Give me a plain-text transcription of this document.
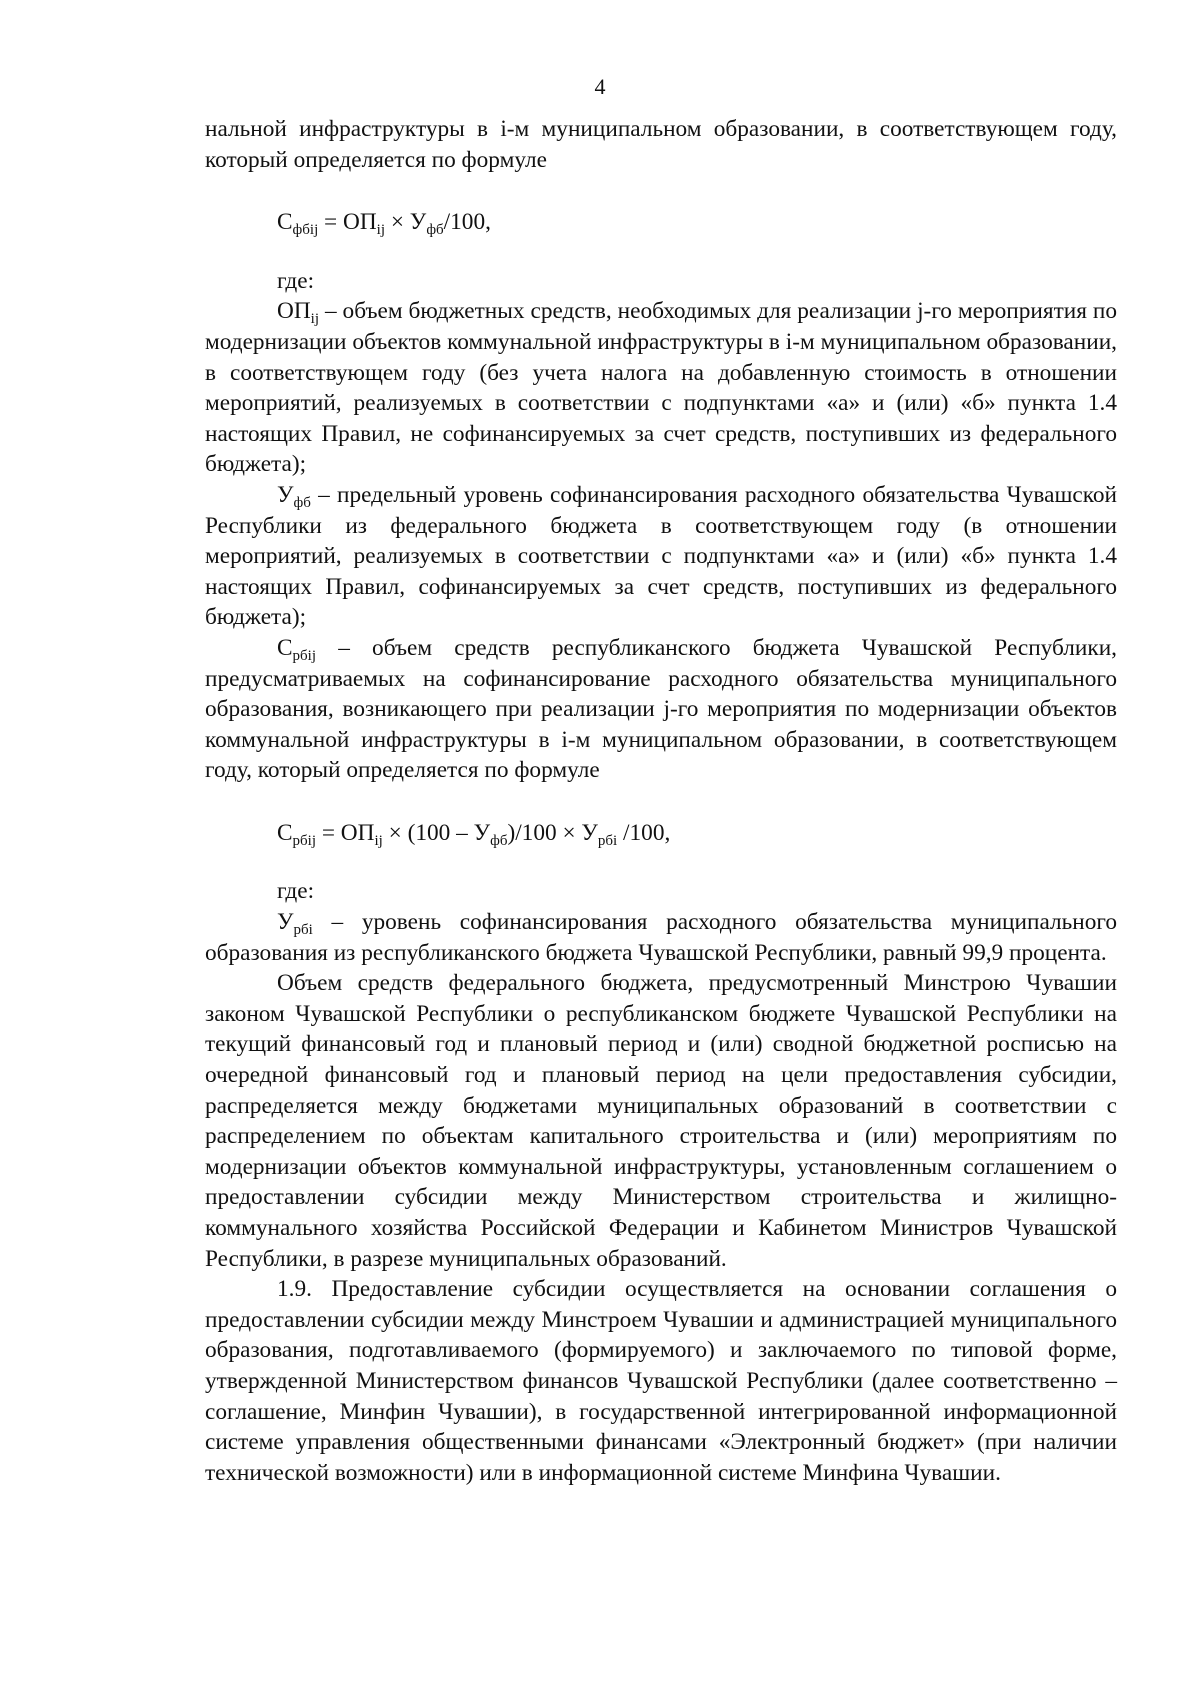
4

нальной инфраструктуры в i-м муниципальном образовании, в соответствующем году, который определяется по формуле

$С_{фбij} = ОП_{ij} \times У_{фб}/100$,

где:

$ОП_{ij}$ – объем бюджетных средств, необходимых для реализации j-го мероприятия по модернизации объектов коммунальной инфраструктуры в i-м муниципальном образовании, в соответствующем году (без учета налога на добавленную стоимость в отношении мероприятий, реализуемых в соответствии с подпунктами «а» и (или) «б» пункта 1.4 настоящих Правил, не софинансируемых за счет средств, поступивших из федерального бюджета);

$У_{фб}$ – предельный уровень софинансирования расходного обязательства Чувашской Республики из федерального бюджета в соответствующем году (в отношении мероприятий, реализуемых в соответствии с подпунктами «а» и (или) «б» пункта 1.4 настоящих Правил, софинансируемых за счет средств, поступивших из федерального бюджета);

$С_{рбij}$ – объем средств республиканского бюджета Чувашской Республики, предусматриваемых на софинансирование расходного обязательства муниципального образования, возникающего при реализации j-го мероприятия по модернизации объектов коммунальной инфраструктуры в i-м муниципальном образовании, в соответствующем году, который определяется по формуле

$С_{рбij} = ОП_{ij} \times (100 - У_{фб})/100 \times У_{рбi}$ /100,

где:

$У_{рбi}$ – уровень софинансирования расходного обязательства муниципального образования из республиканского бюджета Чувашской Республики, равный 99,9 процента.

Объем средств федерального бюджета, предусмотренный Минстрою Чувашии законом Чувашской Республики о республиканском бюджете Чувашской Республики на текущий финансовый год и плановый период и (или) сводной бюджетной росписью на очередной финансовый год и плановый период на цели предоставления субсидии, распределяется между бюджетами муниципальных образований в соответствии с распределением по объектам капитального строительства и (или) мероприятиям по модернизации объектов коммунальной инфраструктуры, установленным соглашением о предоставлении субсидии между Министерством строительства и жилищно-коммунального хозяйства Российской Федерации и Кабинетом Министров Чувашской Республики, в разрезе муниципальных образований.

1.9. Предоставление субсидии осуществляется на основании соглашения о предоставлении субсидии между Минстроем Чувашии и администрацией муниципального образования, подготавливаемого (формируемого) и заключаемого по типовой форме, утвержденной Министерством финансов Чувашской Республики (далее соответственно – соглашение, Минфин Чувашии), в государственной интегрированной информационной системе управления общественными финансами «Электронный бюджет» (при наличии технической возможности) или в информационной системе Минфина Чувашии.
